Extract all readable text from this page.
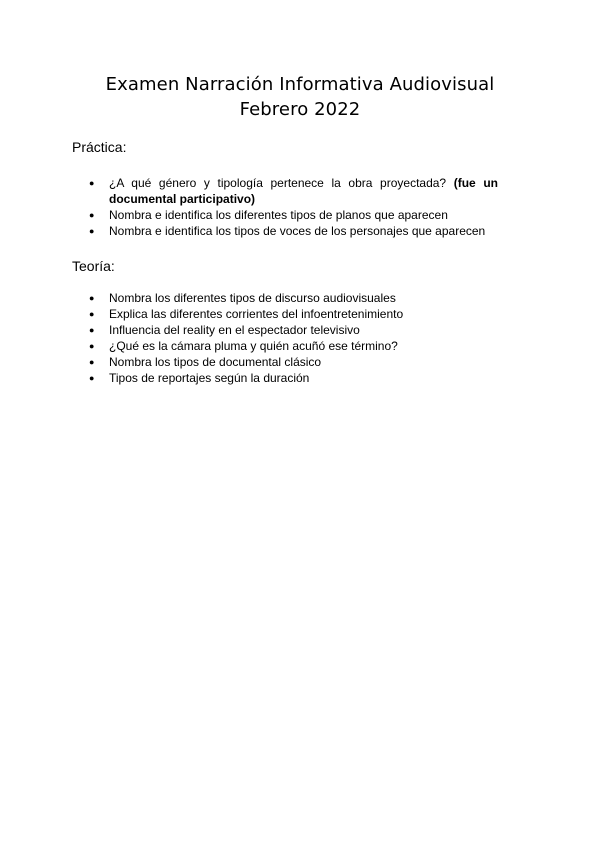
Examen Narración Informativa Audiovisual
Febrero 2022
Práctica:
● ¿A qué género y tipología pertenece la obra proyectada? (fue un documental participativo)
● Nombra e identifica los diferentes tipos de planos que aparecen
● Nombra e identifica los tipos de voces de los personajes que aparecen
Teoría:
● Nombra los diferentes tipos de discurso audiovisuales
● Explica las diferentes corrientes del infoentretenimiento
● Influencia del reality en el espectador televisivo
● ¿Qué es la cámara pluma y quién acuñó ese término?
● Nombra los tipos de documental clásico
● Tipos de reportajes según la duración
